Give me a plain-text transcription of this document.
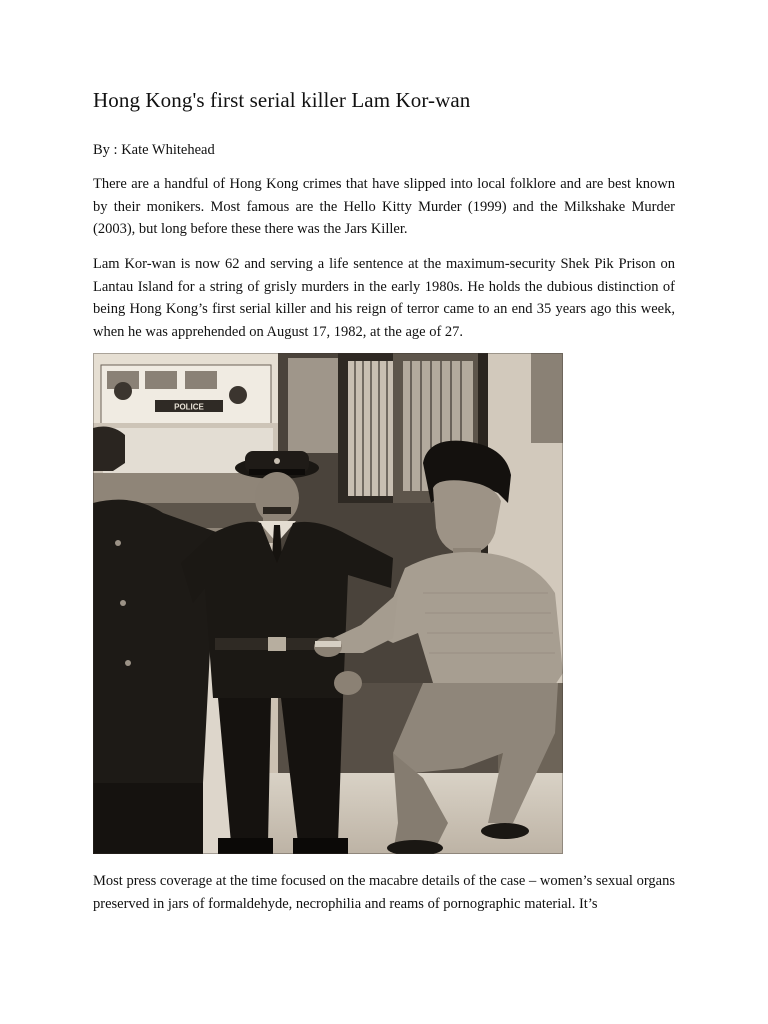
Hong Kong's first serial killer Lam Kor-wan

By : Kate Whitehead

There are a handful of Hong Kong crimes that have slipped into local folklore and are best known by their monikers. Most famous are the Hello Kitty Murder (1999) and the Milkshake Murder (2003), but long before these there was the Jars Killer.

Lam Kor-wan is now 62 and serving a life sentence at the maximum-security Shek Pik Prison on Lantau Island for a string of grisly murders in the early 1980s. He holds the dubious distinction of being Hong Kong’s first serial killer and his reign of terror came to an end 35 years ago this week, when he was apprehended on August 17, 1982, at the age of 27.

POLICE

Most press coverage at the time focused on the macabre details of the case – women’s sexual organs preserved in jars of formaldehyde, necrophilia and reams of pornographic material. It’s
